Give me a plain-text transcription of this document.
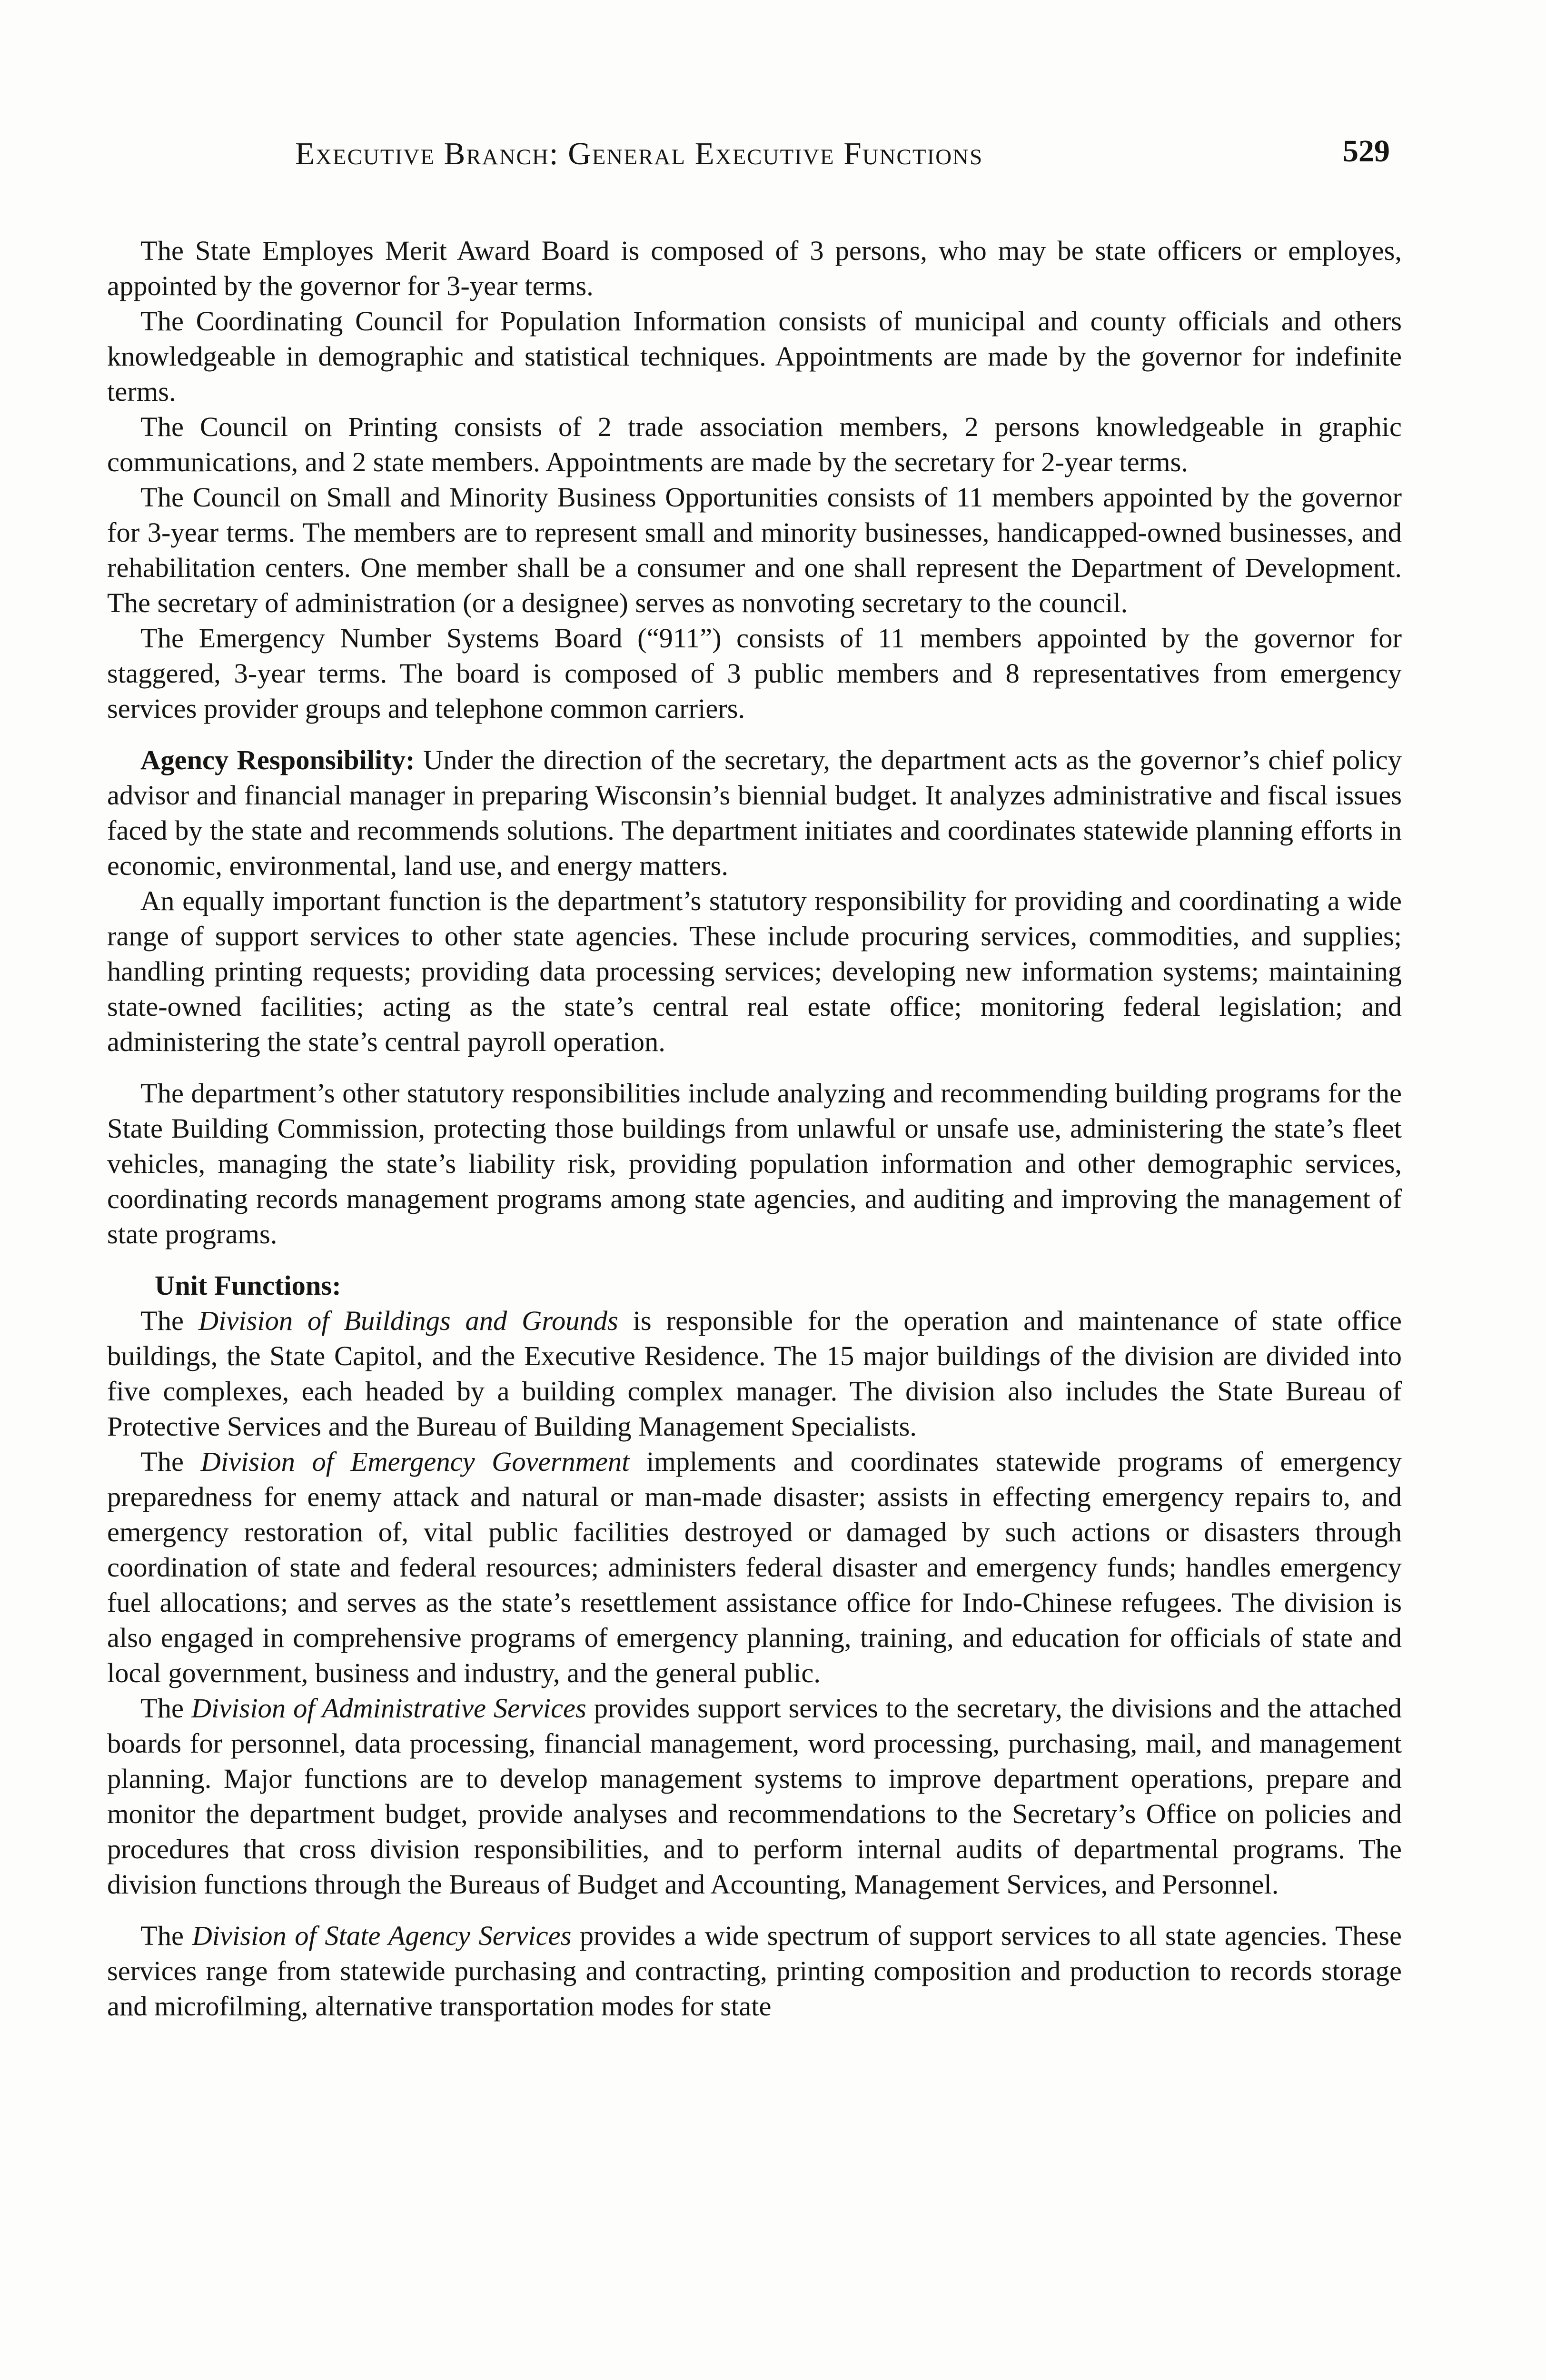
Executive Branch: General Executive Functions	529

The State Employes Merit Award Board is composed of 3 persons, who may be state officers or employes, appointed by the governor for 3-year terms.

The Coordinating Council for Population Information consists of municipal and county officials and others knowledgeable in demographic and statistical techniques. Appointments are made by the governor for indefinite terms.

The Council on Printing consists of 2 trade association members, 2 persons knowledgeable in graphic communications, and 2 state members. Appointments are made by the secretary for 2-year terms.

The Council on Small and Minority Business Opportunities consists of 11 members appointed by the governor for 3-year terms. The members are to represent small and minority businesses, handicapped-owned businesses, and rehabilitation centers. One member shall be a consumer and one shall represent the Department of Development. The secretary of administration (or a designee) serves as nonvoting secretary to the council.

The Emergency Number Systems Board (“911”) consists of 11 members appointed by the governor for staggered, 3-year terms. The board is composed of 3 public members and 8 representatives from emergency services provider groups and telephone common carriers.

Agency Responsibility: Under the direction of the secretary, the department acts as the governor’s chief policy advisor and financial manager in preparing Wisconsin’s biennial budget. It analyzes administrative and fiscal issues faced by the state and recommends solutions. The department initiates and coordinates statewide planning efforts in economic, environmental, land use, and energy matters.

An equally important function is the department’s statutory responsibility for providing and coordinating a wide range of support services to other state agencies. These include procuring services, commodities, and supplies; handling printing requests; providing data processing services; developing new information systems; maintaining state-owned facilities; acting as the state’s central real estate office; monitoring federal legislation; and administering the state’s central payroll operation.

The department’s other statutory responsibilities include analyzing and recommending building programs for the State Building Commission, protecting those buildings from unlawful or unsafe use, administering the state’s fleet vehicles, managing the state’s liability risk, providing population information and other demographic services, coordinating records management programs among state agencies, and auditing and improving the management of state programs.

Unit Functions:

The Division of Buildings and Grounds is responsible for the operation and maintenance of state office buildings, the State Capitol, and the Executive Residence. The 15 major buildings of the division are divided into five complexes, each headed by a building complex manager. The division also includes the State Bureau of Protective Services and the Bureau of Building Management Specialists.

The Division of Emergency Government implements and coordinates statewide programs of emergency preparedness for enemy attack and natural or man-made disaster; assists in effecting emergency repairs to, and emergency restoration of, vital public facilities destroyed or damaged by such actions or disasters through coordination of state and federal resources; administers federal disaster and emergency funds; handles emergency fuel allocations; and serves as the state’s resettlement assistance office for Indo-Chinese refugees. The division is also engaged in comprehensive programs of emergency planning, training, and education for officials of state and local government, business and industry, and the general public.

The Division of Administrative Services provides support services to the secretary, the divisions and the attached boards for personnel, data processing, financial management, word processing, purchasing, mail, and management planning. Major functions are to develop management systems to improve department operations, prepare and monitor the department budget, provide analyses and recommendations to the Secretary’s Office on policies and procedures that cross division responsibilities, and to perform internal audits of departmental programs. The division functions through the Bureaus of Budget and Accounting, Management Services, and Personnel.

The Division of State Agency Services provides a wide spectrum of support services to all state agencies. These services range from statewide purchasing and contracting, printing composition and production to records storage and microfilming, alternative transportation modes for state
